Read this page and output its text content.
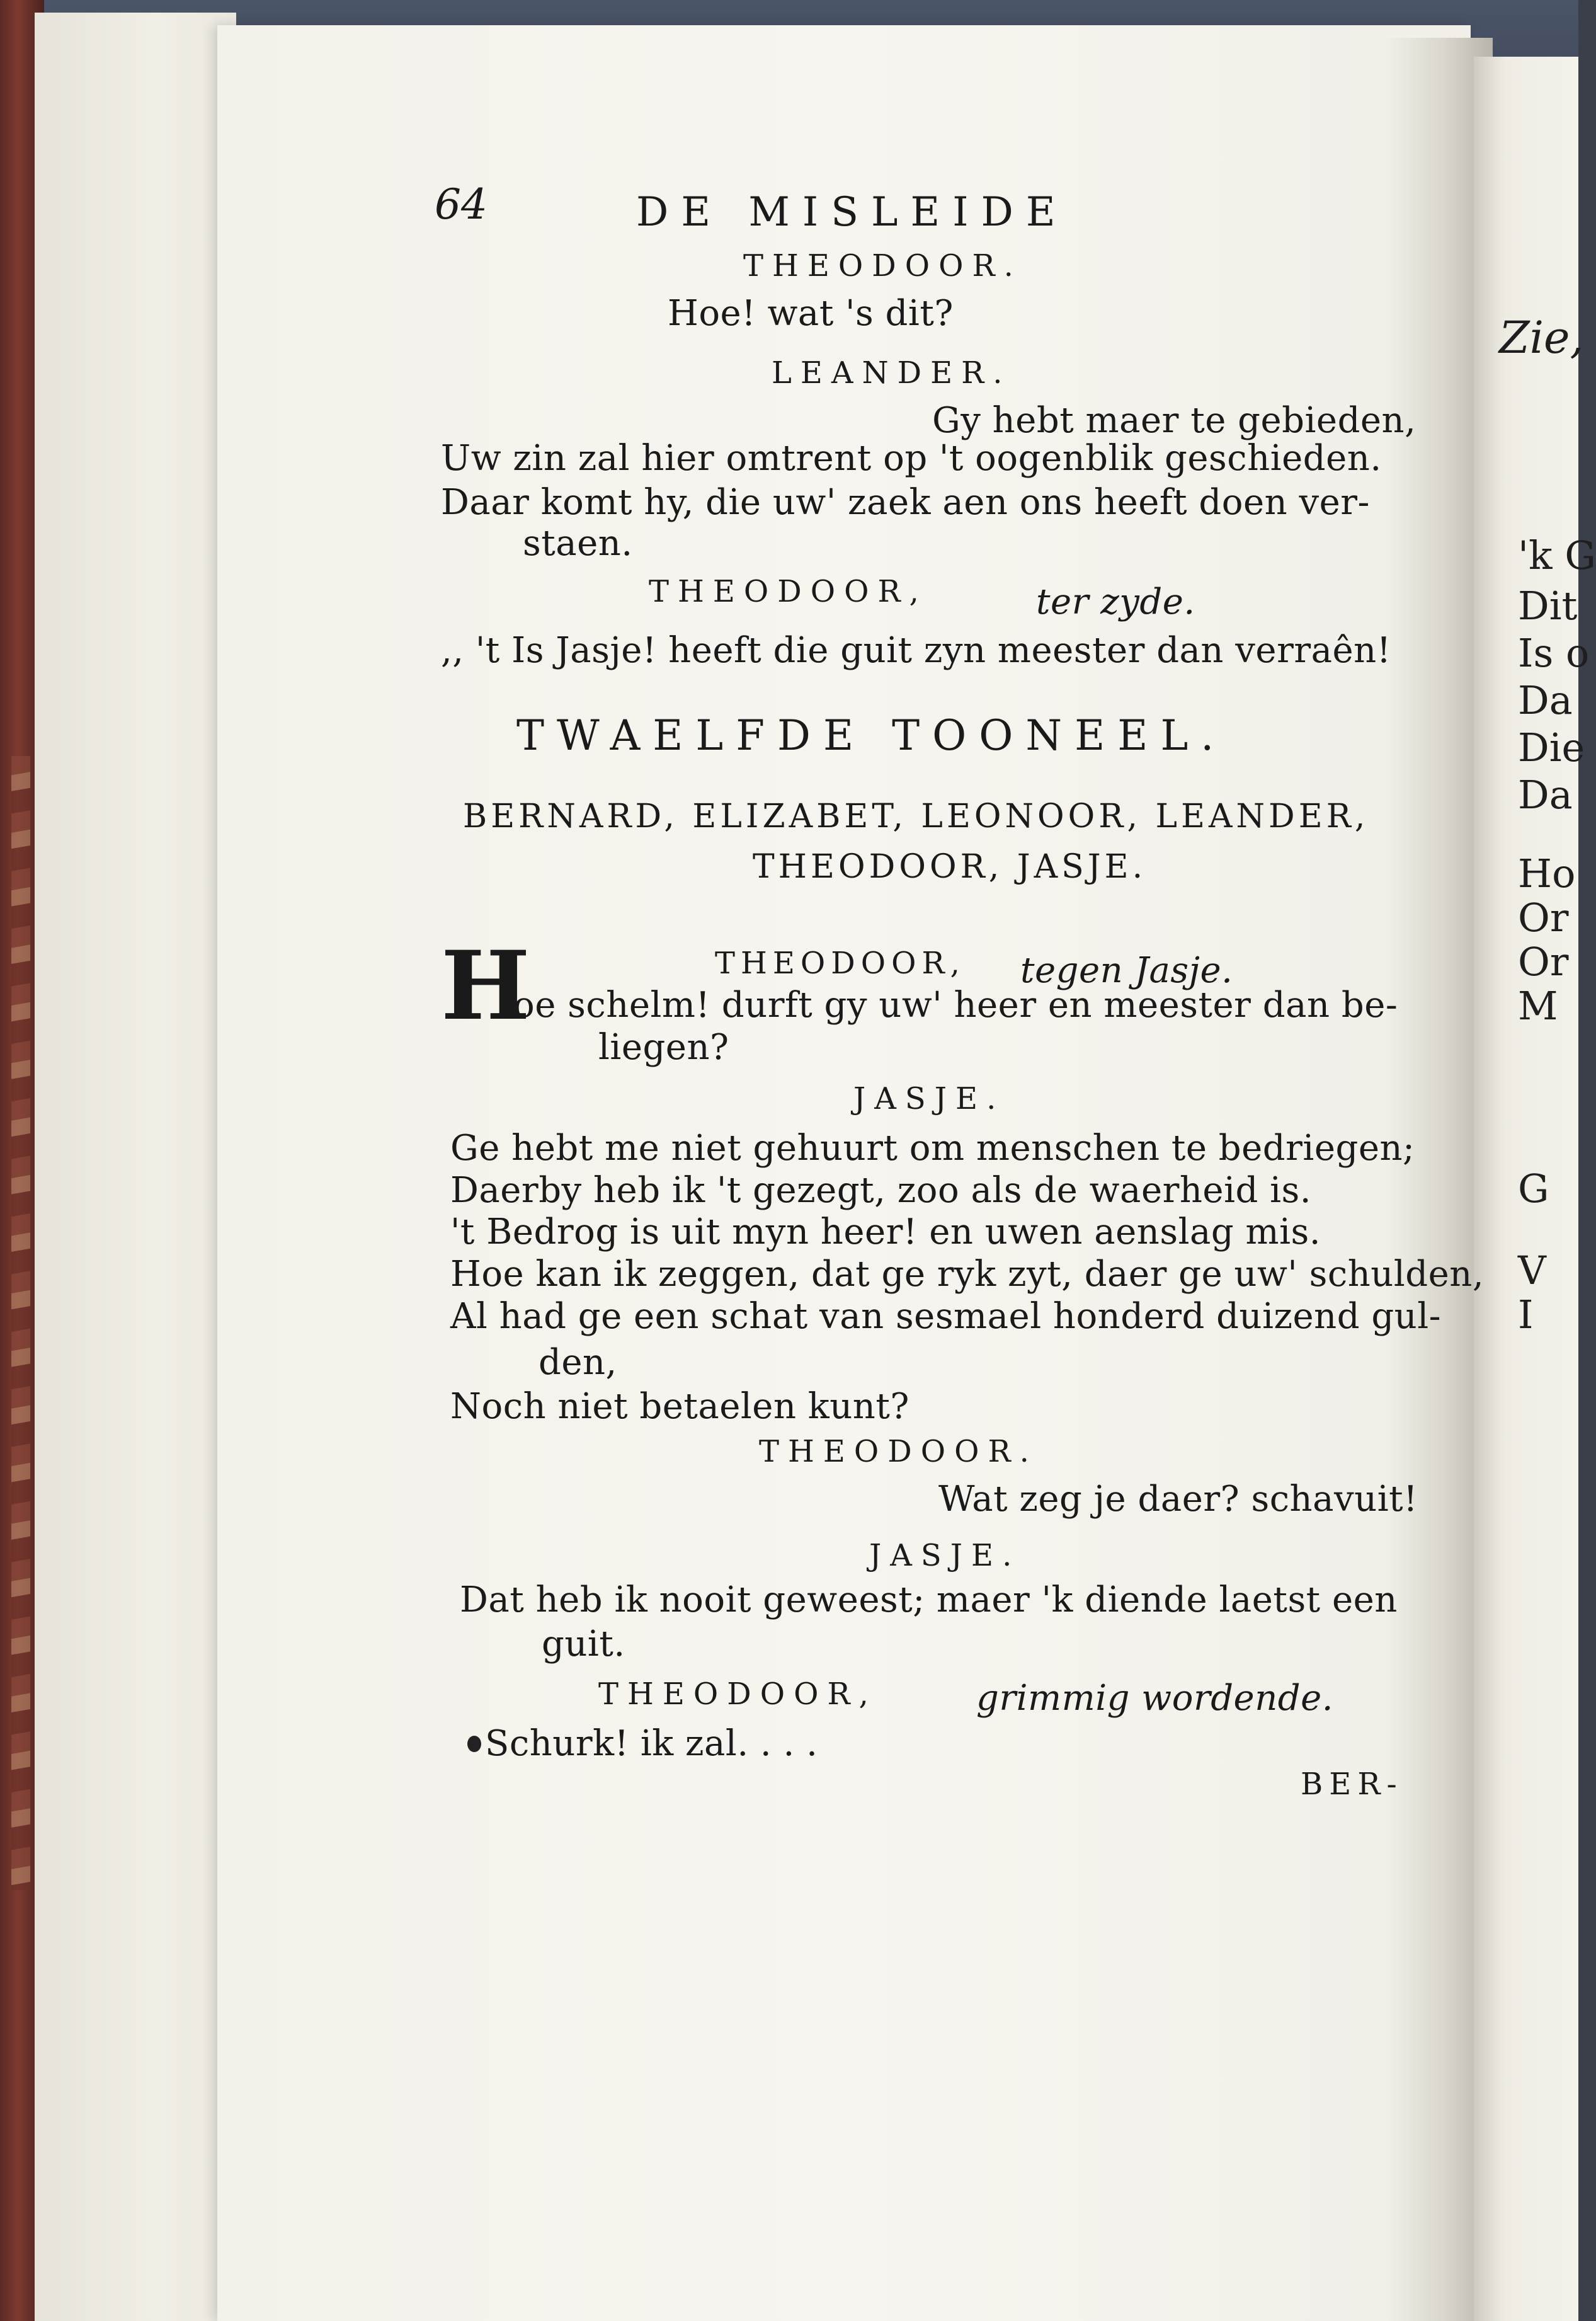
Zie,
'k G
Dit
Is o
Da
Die
Da
Ho
Or
Or
M
G
V
I
64	DE MISLEIDE
THEODOOR.
Hoe! wat 's dit?
LEANDER.
Gy hebt maer te gebieden,
Uw zin zal hier omtrent op 't oogenblik geschieden.
Daar komt hy, die uw' zaek aen ons heeft doen ver-
staen.
THEODOOR,	ter zyde.
,, 't Is Jasje! heeft die guit zyn meester dan verraên!
TWAELFDE TOONEEL.
BERNARD, ELIZABET, LEONOOR, LEANDER,
THEODOOR, JASJE.
H	THEODOOR, tegen Jasje.
oe schelm! durft gy uw' heer en meester dan be-
liegen?
JASJE.
Ge hebt me niet gehuurt om menschen te bedriegen;
Daerby heb ik 't gezegt, zoo als de waerheid is.
't Bedrog is uit myn heer! en uwen aenslag mis.
Hoe kan ik zeggen, dat ge ryk zyt, daer ge uw' schulden,
Al had ge een schat van sesmael honderd duizend gul-
den,
Noch niet betaelen kunt?
THEODOOR.
Wat zeg je daer? schavuit!
JASJE.
Dat heb ik nooit geweest; maer 'k diende laetst een
guit.
THEODOOR,	grimmig wordende.
Schurk! ik zal. . . .
BER-
